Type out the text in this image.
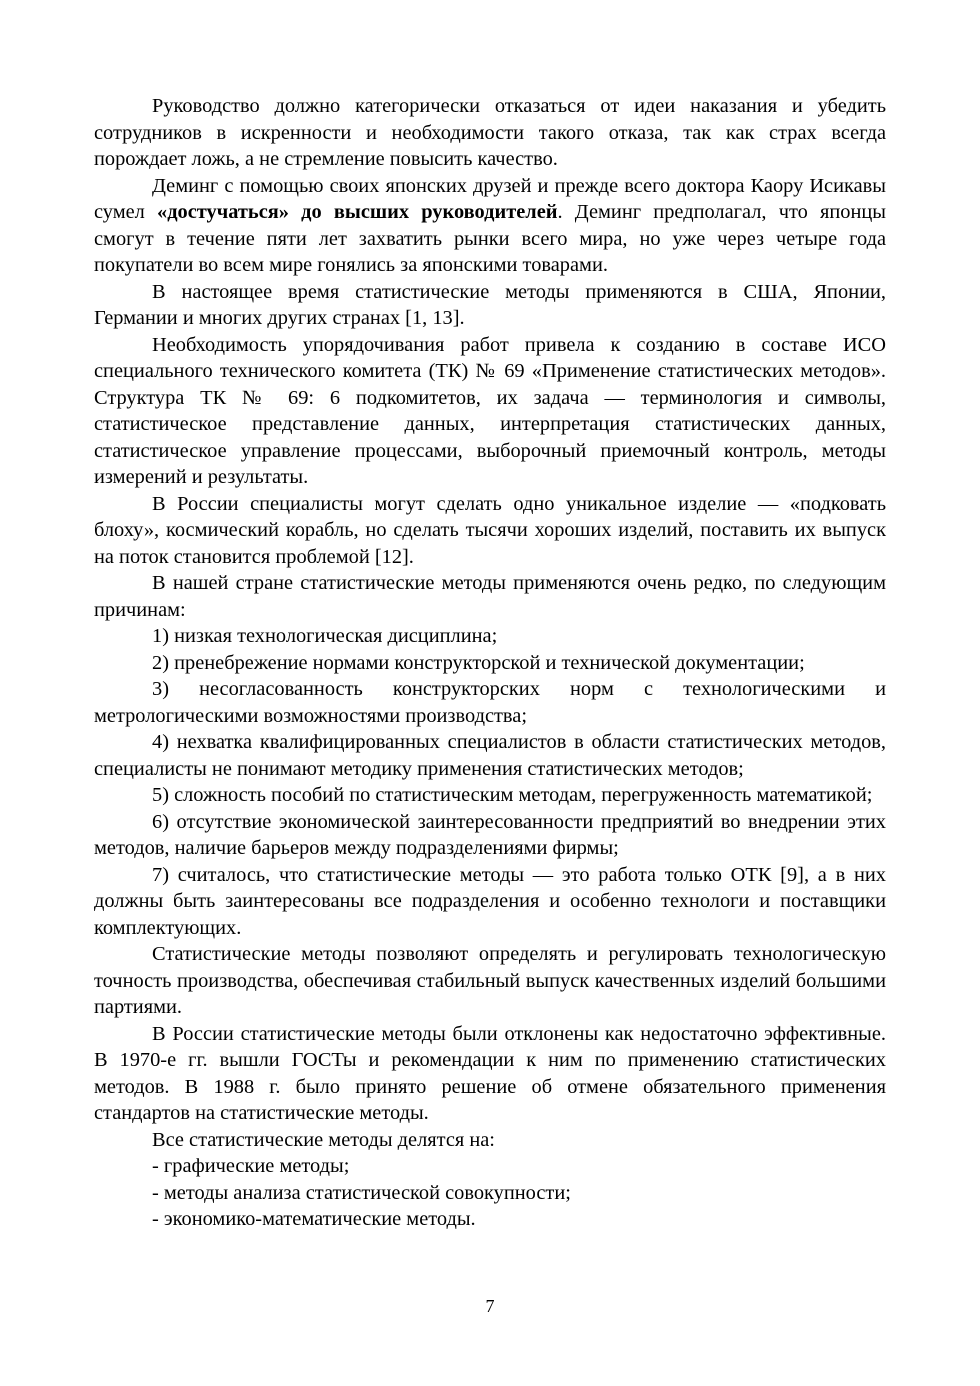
Руководство должно категорически отказаться от идеи наказания и убедить сотрудников в искренности и необходимости такого отказа, так как страх всегда порождает ложь, а не стремление повысить качество.

Деминг с помощью своих японских друзей и прежде всего доктора Каору Исикавы сумел «достучаться» до высших руководителей. Деминг предполагал, что японцы смогут в течение пяти лет захватить рынки всего мира, но уже через четыре года покупатели во всем мире гонялись за японскими товарами.

В настоящее время статистические методы применяются в США, Японии, Германии и многих других странах [1, 13].

Необходимость упорядочивания работ привела к созданию в составе ИСО специального технического комитета (ТК) № 69 «Применение статистических методов». Структура ТК № 69: 6 подкомитетов, их задача — терминология и символы, статистическое представление данных, интерпретация статистических данных, статистическое управление процессами, выборочный приемочный контроль, методы измерений и результаты.

В России специалисты могут сделать одно уникальное изделие — «подковать блоху», космический корабль, но сделать тысячи хороших изделий, поставить их выпуск на поток становится проблемой [12].

В нашей стране статистические методы применяются очень редко, по следующим причинам:

1) низкая технологическая дисциплина;

2) пренебрежение нормами конструкторской и технической документации;

3) несогласованность конструкторских норм с технологическими и метрологическими возможностями производства;

4) нехватка квалифицированных специалистов в области статистических методов, специалисты не понимают методику применения статистических методов;

5) сложность пособий по статистическим методам, перегруженность математикой;

6) отсутствие экономической заинтересованности предприятий во внедрении этих методов, наличие барьеров между подразделениями фирмы;

7) считалось, что статистические методы — это работа только ОТК [9], а в них должны быть заинтересованы все подразделения и особенно технологи и поставщики комплектующих.

Статистические методы позволяют определять и регулировать технологическую точность производства, обеспечивая стабильный выпуск качественных изделий большими партиями.

В России статистические методы были отклонены как недостаточно эффективные. В 1970-е гг. вышли ГОСТы и рекомендации к ним по применению статистических методов. В 1988 г. было принято решение об отмене обязательного применения стандартов на статистические методы.

Все статистические методы делятся на:

- графические методы;

- методы анализа статистической совокупности;

- экономико-математические методы.

7
